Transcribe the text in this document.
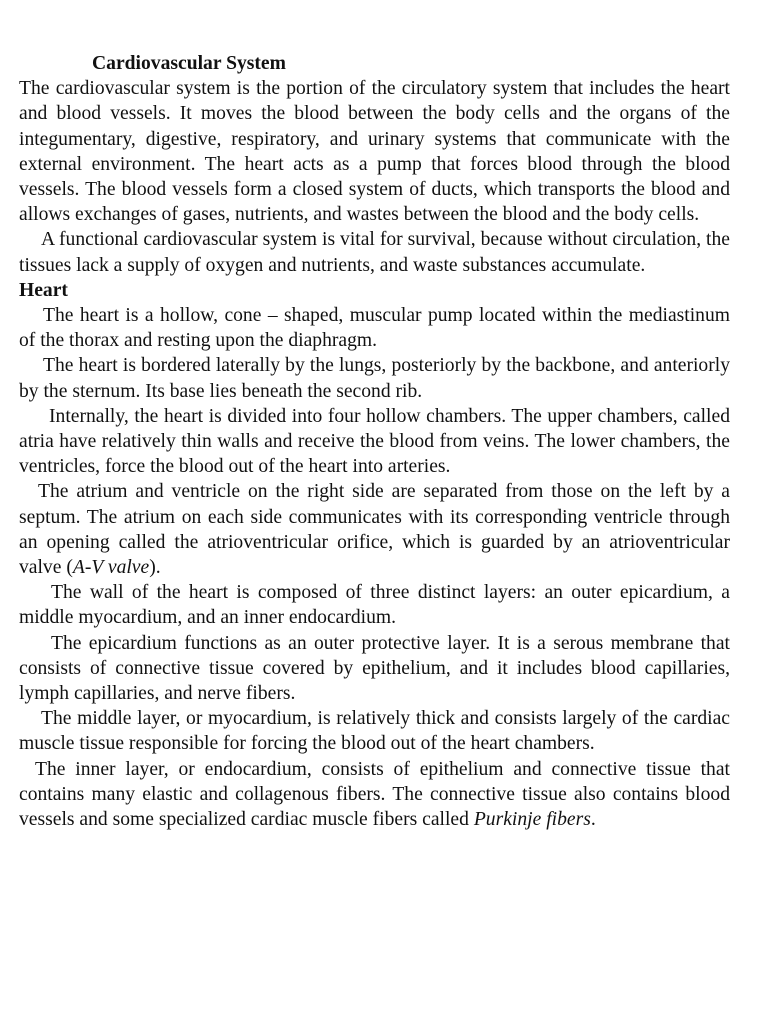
Cardiovascular System

The cardiovascular system is the portion of the circulatory system that includes the heart and blood vessels. It moves the blood between the body cells and the organs of the integumentary, digestive, respiratory, and urinary systems that communicate with the external environment. The heart acts as a pump that forces blood through the blood vessels. The blood vessels form a closed system of ducts, which transports the blood and allows exchanges of gases, nutrients, and wastes between the blood and the body cells.

A functional cardiovascular system is vital for survival, because without circulation, the tissues lack a supply of oxygen and nutrients, and waste substances accumulate.

Heart

The heart is a hollow, cone – shaped, muscular pump located within the mediastinum of the thorax and resting upon the diaphragm.

The heart is bordered laterally by the lungs, posteriorly by the backbone, and anteriorly by the sternum. Its base lies beneath the second rib.

Internally, the heart is divided into four hollow chambers. The upper chambers, called atria have relatively thin walls and receive the blood from veins. The lower chambers, the ventricles, force the blood out of the heart into arteries.

The atrium and ventricle on the right side are separated from those on the left by a septum. The atrium on each side communicates with its corresponding ventricle through an opening called the atrioventricular orifice, which is guarded by an atrioventricular valve (A-V valve).

The wall of the heart is composed of three distinct layers: an outer epicardium, a middle myocardium, and an inner endocardium.

The epicardium functions as an outer protective layer. It is a serous membrane that consists of connective tissue covered by epithelium, and it includes blood capillaries, lymph capillaries, and nerve fibers.

The middle layer, or myocardium, is relatively thick and consists largely of the cardiac muscle tissue responsible for forcing the blood out of the heart chambers.

The inner layer, or endocardium, consists of epithelium and connective tissue that contains many elastic and collagenous fibers. The connective tissue also contains blood vessels and some specialized cardiac muscle fibers called Purkinje fibers.
